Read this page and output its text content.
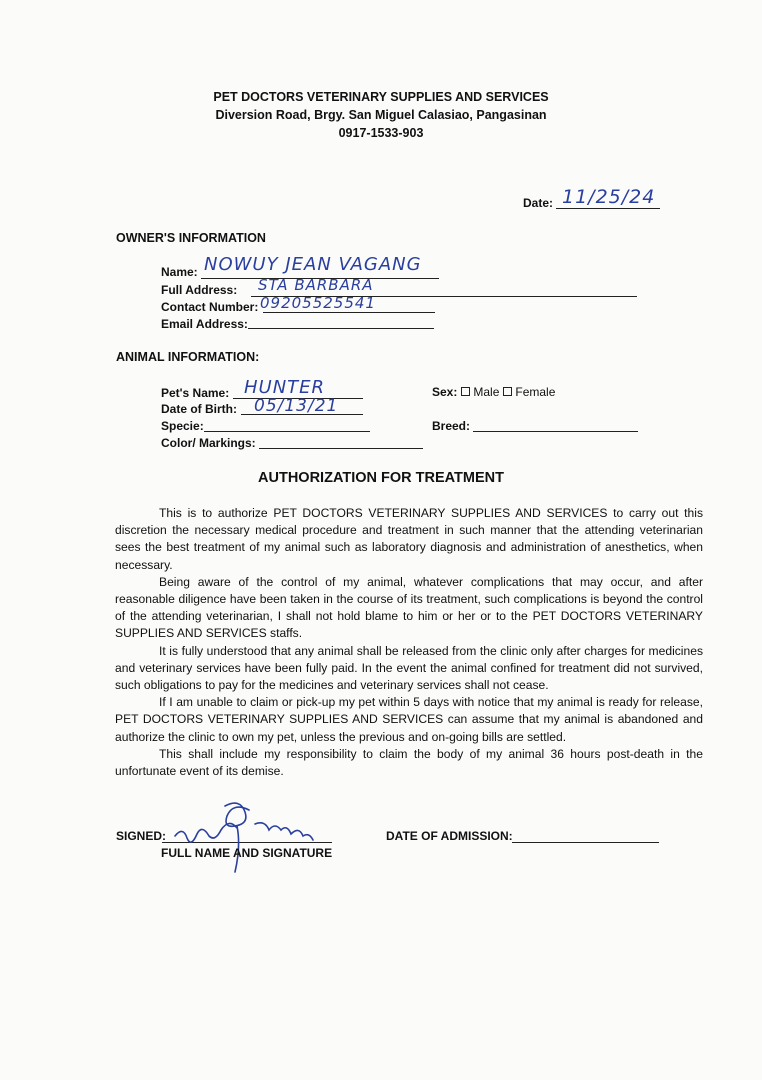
PET DOCTORS VETERINARY SUPPLIES AND SERVICES
Diversion Road, Brgy. San Miguel Calasiao, Pangasinan
0917-1533-903
Date: 11/25/24
OWNER'S INFORMATION
Name: NOWUY JEAN VAGANG
Full Address: STA BARBARA
Contact Number: 09205525541
Email Address:
ANIMAL INFORMATION:
Pet's Name: HUNTER
Date of Birth: 05/13/21
Specie:
Color/ Markings:
Sex: Male Female
Breed:
AUTHORIZATION FOR TREATMENT

This is to authorize PET DOCTORS VETERINARY SUPPLIES AND SERVICES to carry out this discretion the necessary medical procedure and treatment in such manner that the attending veterinarian sees the best treatment of my animal such as laboratory diagnosis and administration of anesthetics, when necessary.

Being aware of the control of my animal, whatever complications that may occur, and after reasonable diligence have been taken in the course of its treatment, such complications is beyond the control of the attending veterinarian, I shall not hold blame to him or her or to the PET DOCTORS VETERINARY SUPPLIES AND SERVICES staffs.

It is fully understood that any animal shall be released from the clinic only after charges for medicines and veterinary services have been fully paid. In the event the animal confined for treatment did not survived, such obligations to pay for the medicines and veterinary services shall not cease.

If I am unable to claim or pick-up my pet within 5 days with notice that my animal is ready for release, PET DOCTORS VETERINARY SUPPLIES AND SERVICES can assume that my animal is abandoned and authorize the clinic to own my pet, unless the previous and on-going bills are settled.

This shall include my responsibility to claim the body of my animal 36 hours post-death in the unfortunate event of its demise.

SIGNED:
FULL NAME AND SIGNATURE
DATE OF ADMISSION:
